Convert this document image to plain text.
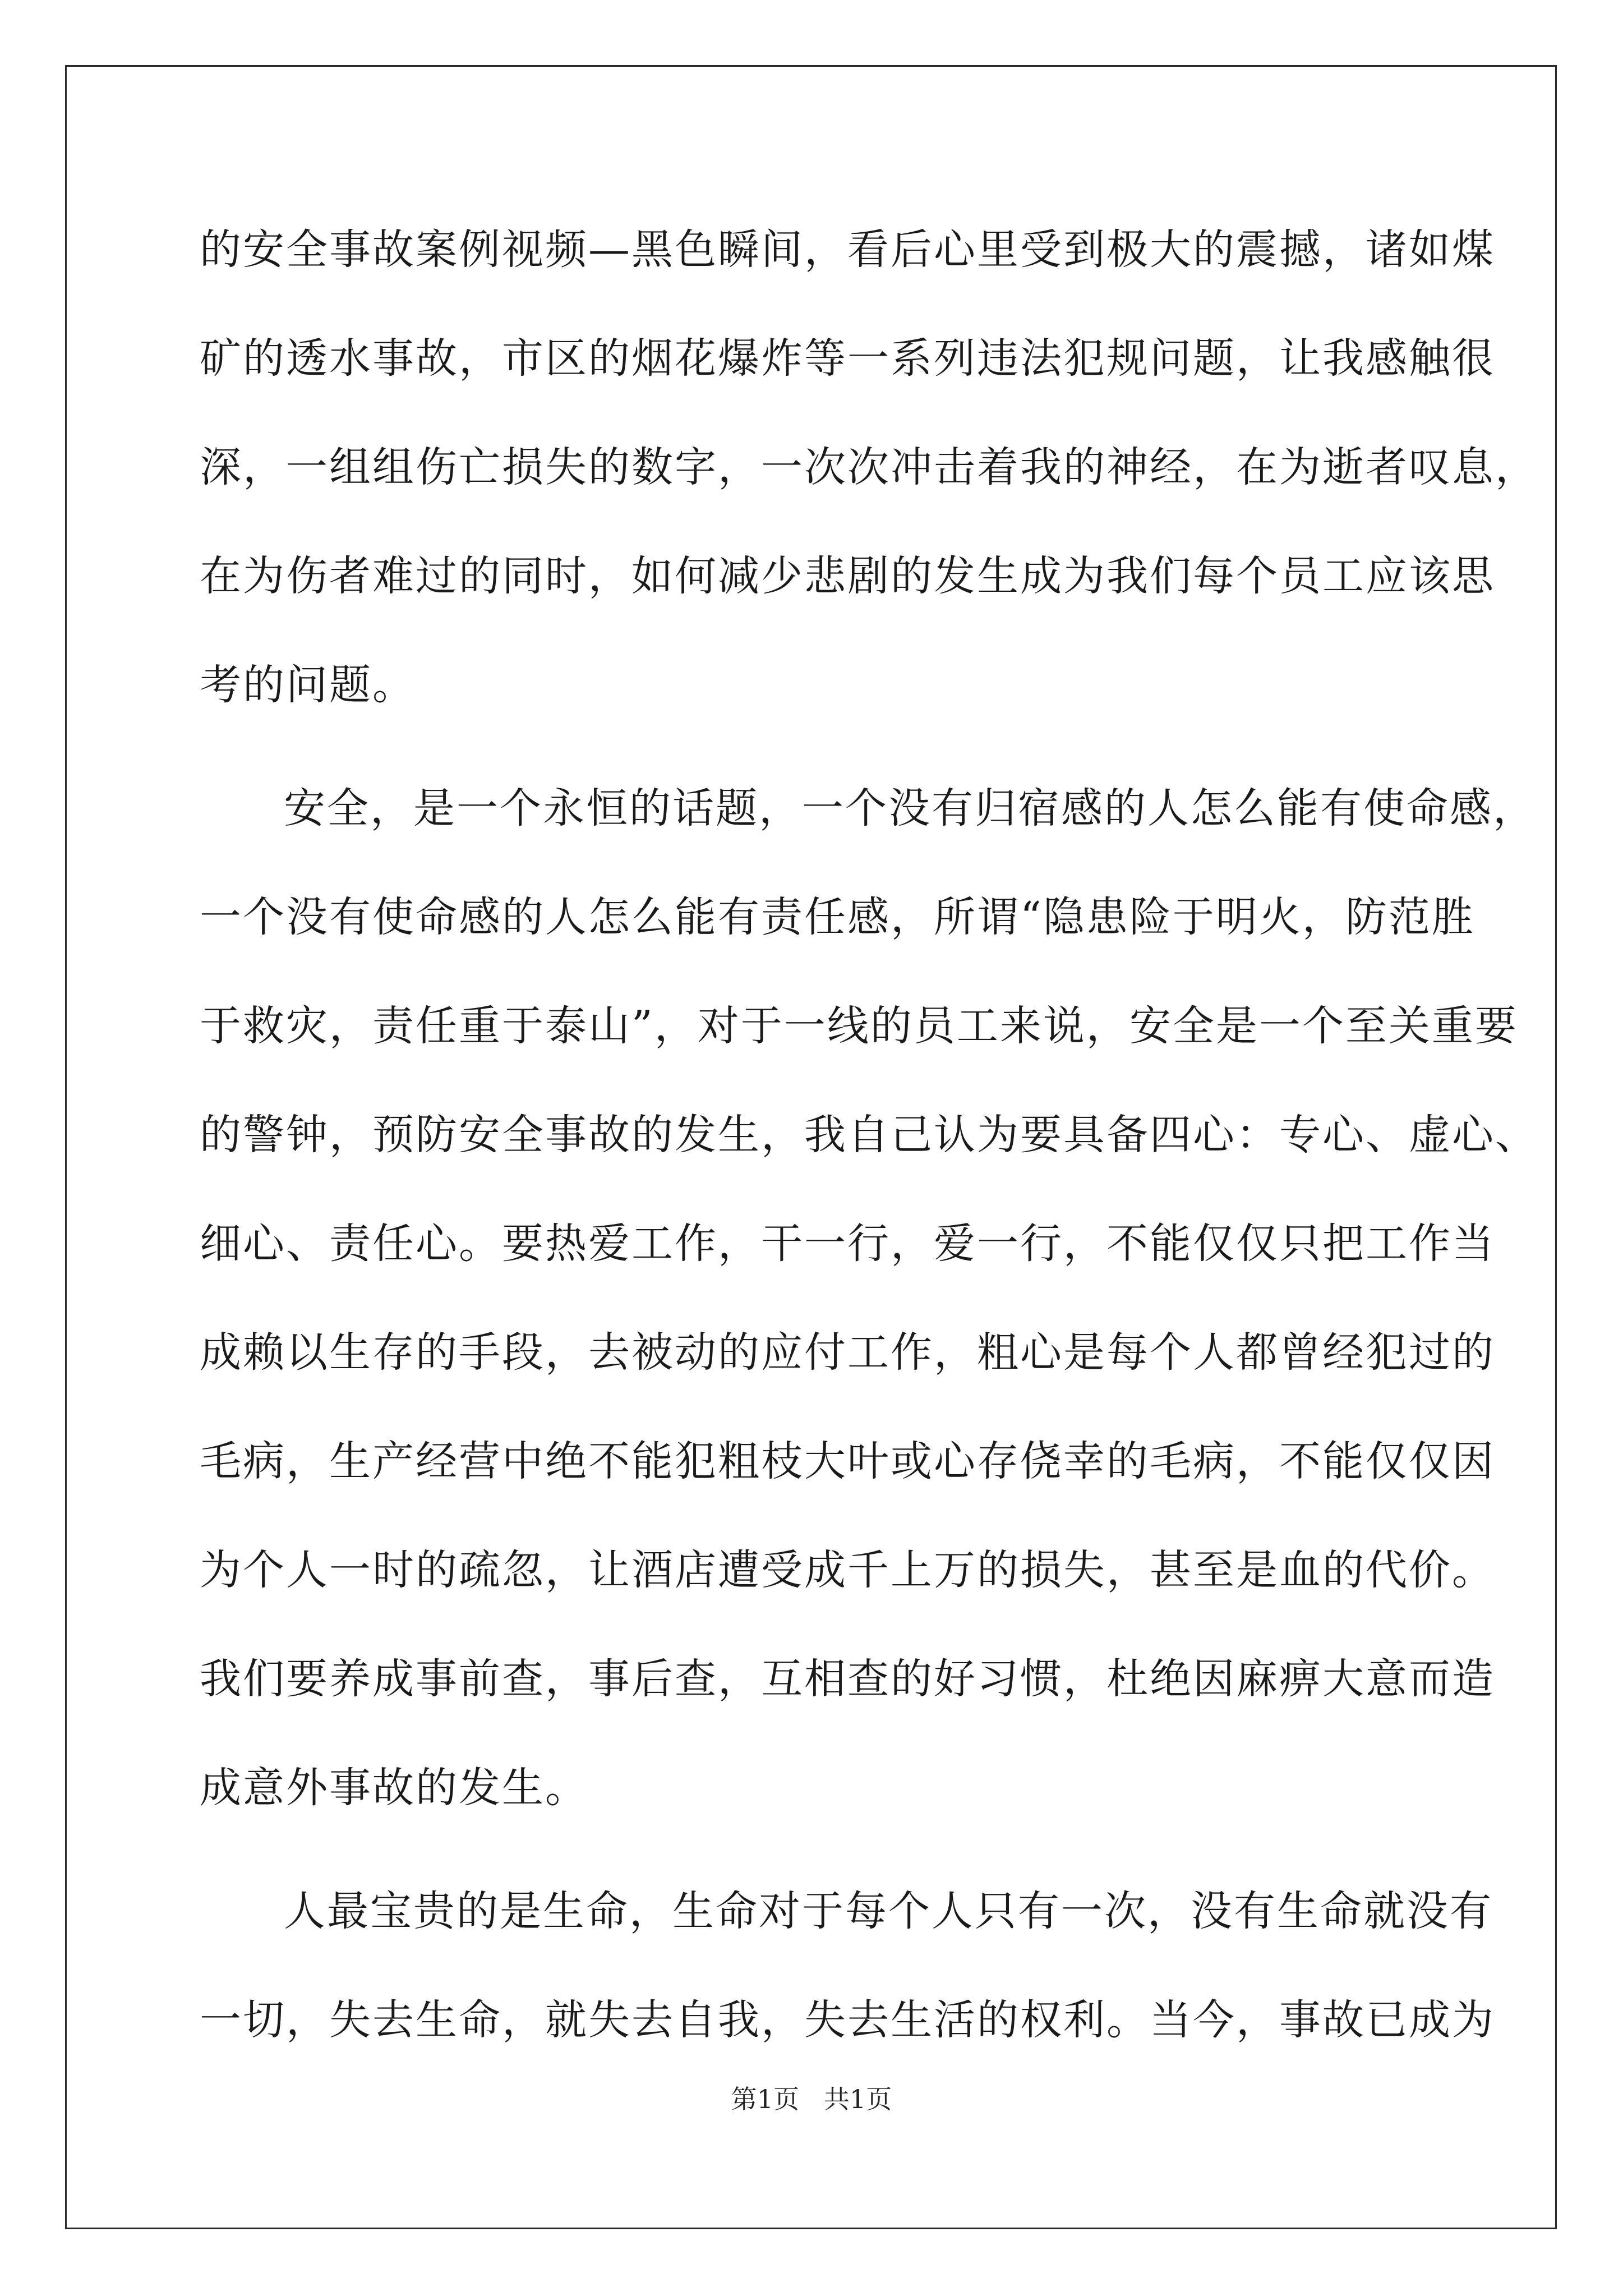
的安全事故案例视频—黑色瞬间，看后心里受到极大的震撼，诸如煤
矿的透水事故，市区的烟花爆炸等一系列违法犯规问题，让我感触很
深，一组组伤亡损失的数字，一次次冲击着我的神经，在为逝者叹息，
在为伤者难过的同时，如何减少悲剧的发生成为我们每个员工应该思
考的问题。
安全，是一个永恒的话题，一个没有归宿感的人怎么能有使命感，
一个没有使命感的人怎么能有责任感，所谓“隐患险于明火，防范胜
于救灾，责任重于泰山”，对于一线的员工来说，安全是一个至关重要
的警钟，预防安全事故的发生，我自己认为要具备四心：专心、虚心、
细心、责任心。要热爱工作，干一行，爱一行，不能仅仅只把工作当
成赖以生存的手段，去被动的应付工作，粗心是每个人都曾经犯过的
毛病，生产经营中绝不能犯粗枝大叶或心存侥幸的毛病，不能仅仅因
为个人一时的疏忽，让酒店遭受成千上万的损失，甚至是血的代价。
我们要养成事前查，事后查，互相查的好习惯，杜绝因麻痹大意而造
成意外事故的发生。
人最宝贵的是生命，生命对于每个人只有一次，没有生命就没有
一切，失去生命，就失去自我，失去生活的权利。当今，事故已成为
第1页   共1页
